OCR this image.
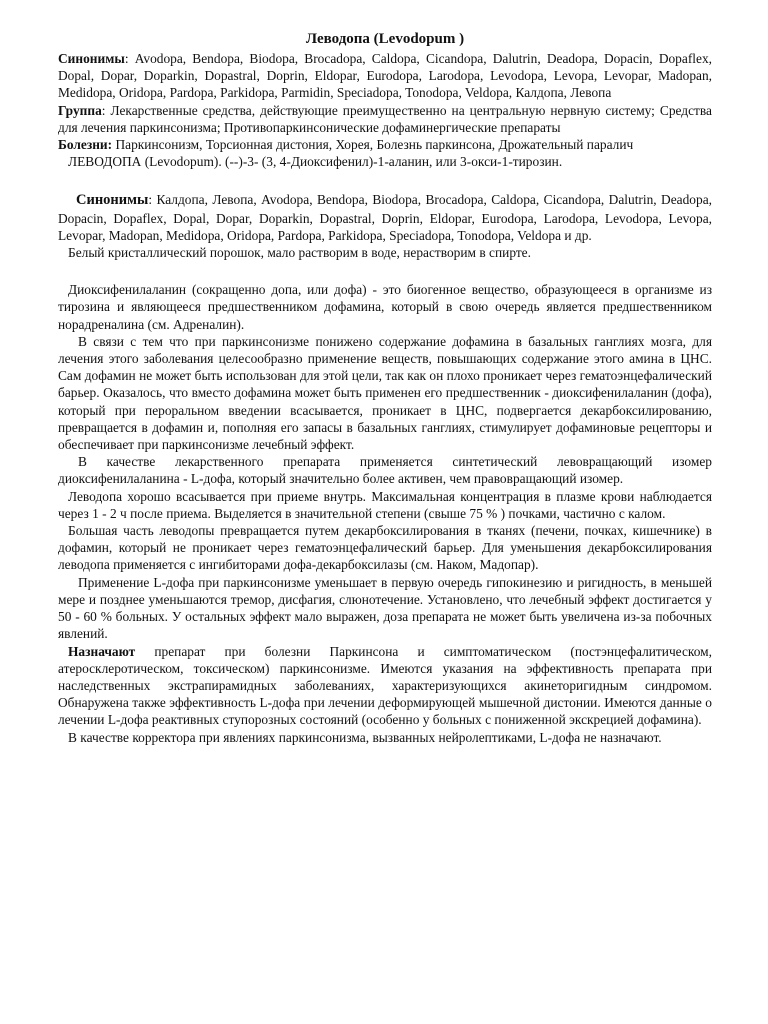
Леводопа (Levodopum )

Синонимы: Avodopa, Bendopa, Biodopa, Brocadopa, Caldopa, Cicandopa, Dalutrin, Deadopa, Dopacin, Dopaflex, Dopal, Dopar, Doparkin, Dopastral, Doprin, Eldopar, Eurodopa, Larodopa, Levodopa, Levopa, Levopar, Madopan, Medidopa, Oridopa, Pardopa, Parkidopa, Parmidin, Speciadopa, Tonodopa, Veldopa, Калдопа, Левопа

Группа: Лекарственные средства, действующие преимущественно на центральную нервную систему; Средства для лечения паркинсонизма; Противопаркинсонические дофаминергические препараты

Болезни: Паркинсонизм, Торсионная дистония, Хорея, Болезнь паркинсона, Дрожательный паралич

ЛЕВОДОПА (Levodopum). (--)-3- (3, 4-Диоксифенил)-1-аланин, или 3-окси-1-тирозин.

Синонимы: Калдопа, Левопа, Avodopa, Bendopa, Biodopa, Brocadopa, Caldopa, Cicandopa, Dalutrin, Deadopa, Dopacin, Dopaflex, Dopal, Dopar, Doparkin, Dopastral, Doprin, Eldopar, Eurodopa, Larodopa, Levodopa, Levopa, Levopar, Madopan, Medidopa, Oridopa, Pardopa, Parkidopa, Speciadopa, Tonodopa, Veldopa и др.

Белый кристаллический порошок, мало растворим в воде, нерастворим в спирте.

Диоксифенилаланин (сокращенно допа, или дофа) - это биогенное вещество, образующееся в организме из тирозина и являющееся предшественником дофамина, который в свою очередь является предшественником норадреналина (см. Адреналин).

В связи с тем что при паркинсонизме понижено содержание дофамина в базальных ганглиях мозга, для лечения этого заболевания целесообразно применение веществ, повышающих содержание этого амина в ЦНС. Сам дофамин не может быть использован для этой цели, так как он плохо проникает через гематоэнцефалический барьер. Оказалось, что вместо дофамина может быть применен его предшественник - диоксифенилаланин (дофа), который при пероральном введении всасывается, проникает в ЦНС, подвергается декарбоксилированию, превращается в дофамин и, пополняя его запасы в базальных ганглиях, стимулирует дофаминовые рецепторы и обеспечивает при паркинсонизме лечебный эффект.

В качестве лекарственного препарата применяется синтетический левовращающий изомер диоксифенилаланина - L-дофа, который значительно более активен, чем правовращающий изомер.

Леводопа хорошо всасывается при приеме внутрь. Максимальная концентрация в плазме крови наблюдается через 1 - 2 ч после приема. Выделяется в значительной степени (свыше 75 % ) почками, частично с калом.

Большая часть леводопы превращается путем декарбоксилирования в тканях (печени, почках, кишечнике) в дофамин, который не проникает через гематоэнцефалический барьер. Для уменьшения декарбоксилирования леводопа применяется с ингибиторами дофа-декарбоксилазы (см. Наком, Мадопар).

Применение L-дофа при паркинсонизме уменьшает в первую очередь гипокинезию и ригидность, в меньшей мере и позднее уменьшаются тремор, дисфагия, слюнотечение. Установлено, что лечебный эффект достигается у 50 - 60 % больных. У остальных эффект мало выражен, доза препарата не может быть увеличена из-за побочных явлений.

Назначают препарат при болезни Паркинсона и симптоматическом (постэнцефалитическом, атеросклеротическом, токсическом) паркинсонизме. Имеются указания на эффективность препарата при наследственных экстрапирамидных заболеваниях, характеризующихся акинеторигидным синдромом. Обнаружена также эффективность L-дофа при лечении деформирующей мышечной дистонии. Имеются данные о лечении L-дофа реактивных ступорозных состояний (особенно у больных с пониженной экскрецией дофамина).

В качестве корректора при явлениях паркинсонизма, вызванных нейролептиками, L-дофа не назначают.
